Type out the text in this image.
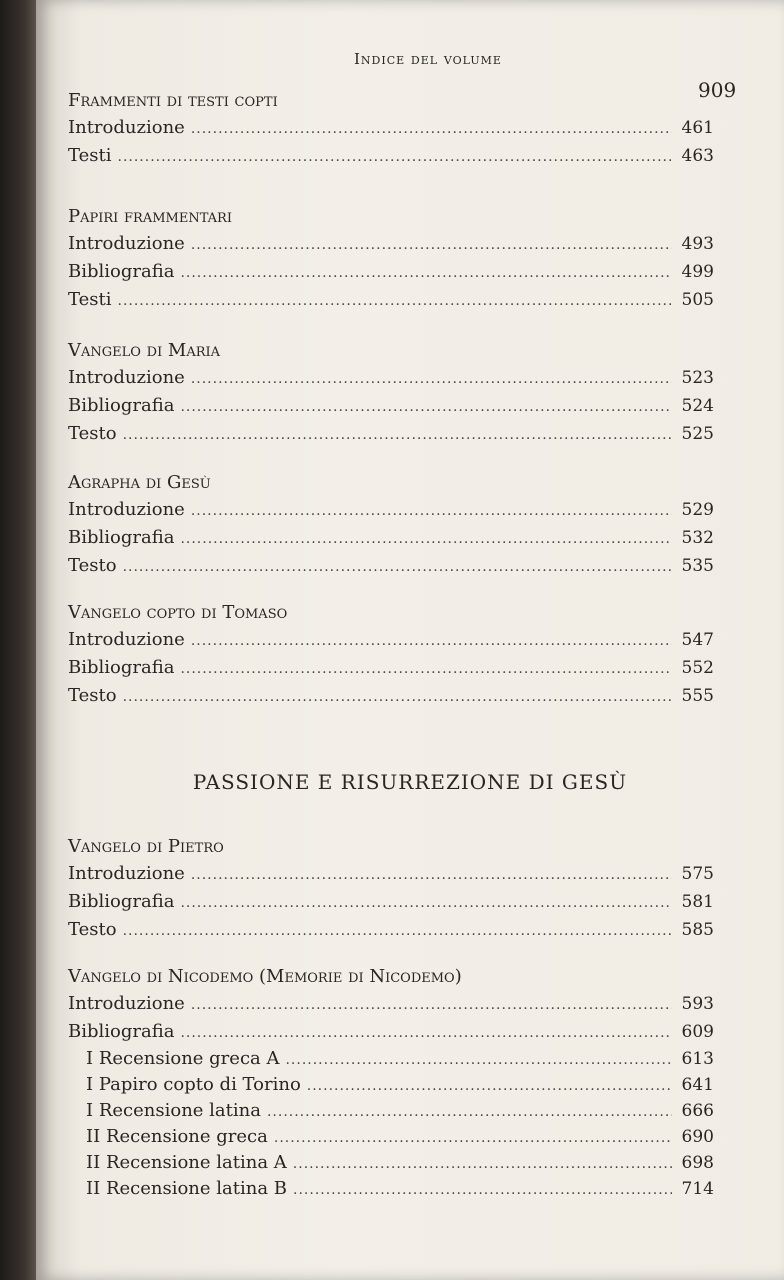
Indice del volume
909
Frammenti di testi copti
Introduzione .....	461
Testi .....	463
Papiri frammentari
Introduzione .....	493
Bibliografia .....	499
Testi .....	505
Vangelo di Maria
Introduzione .....	523
Bibliografia .....	524
Testo .....	525
Agrapha di Gesù
Introduzione .....	529
Bibliografia .....	532
Testo .....	535
Vangelo copto di Tomaso
Introduzione .....	547
Bibliografia .....	552
Testo .....	555
PASSIONE E RISURREZIONE DI GESÙ
Vangelo di Pietro
Introduzione .....	575
Bibliografia .....	581
Testo .....	585
Vangelo di Nicodemo (Memorie di Nicodemo)
Introduzione .....	593
Bibliografia .....	609
I Recensione greca A .....	613
I Papiro copto di Torino .....	641
I Recensione latina .....	666
II Recensione greca .....	690
II Recensione latina A .....	698
II Recensione latina B .....	714
